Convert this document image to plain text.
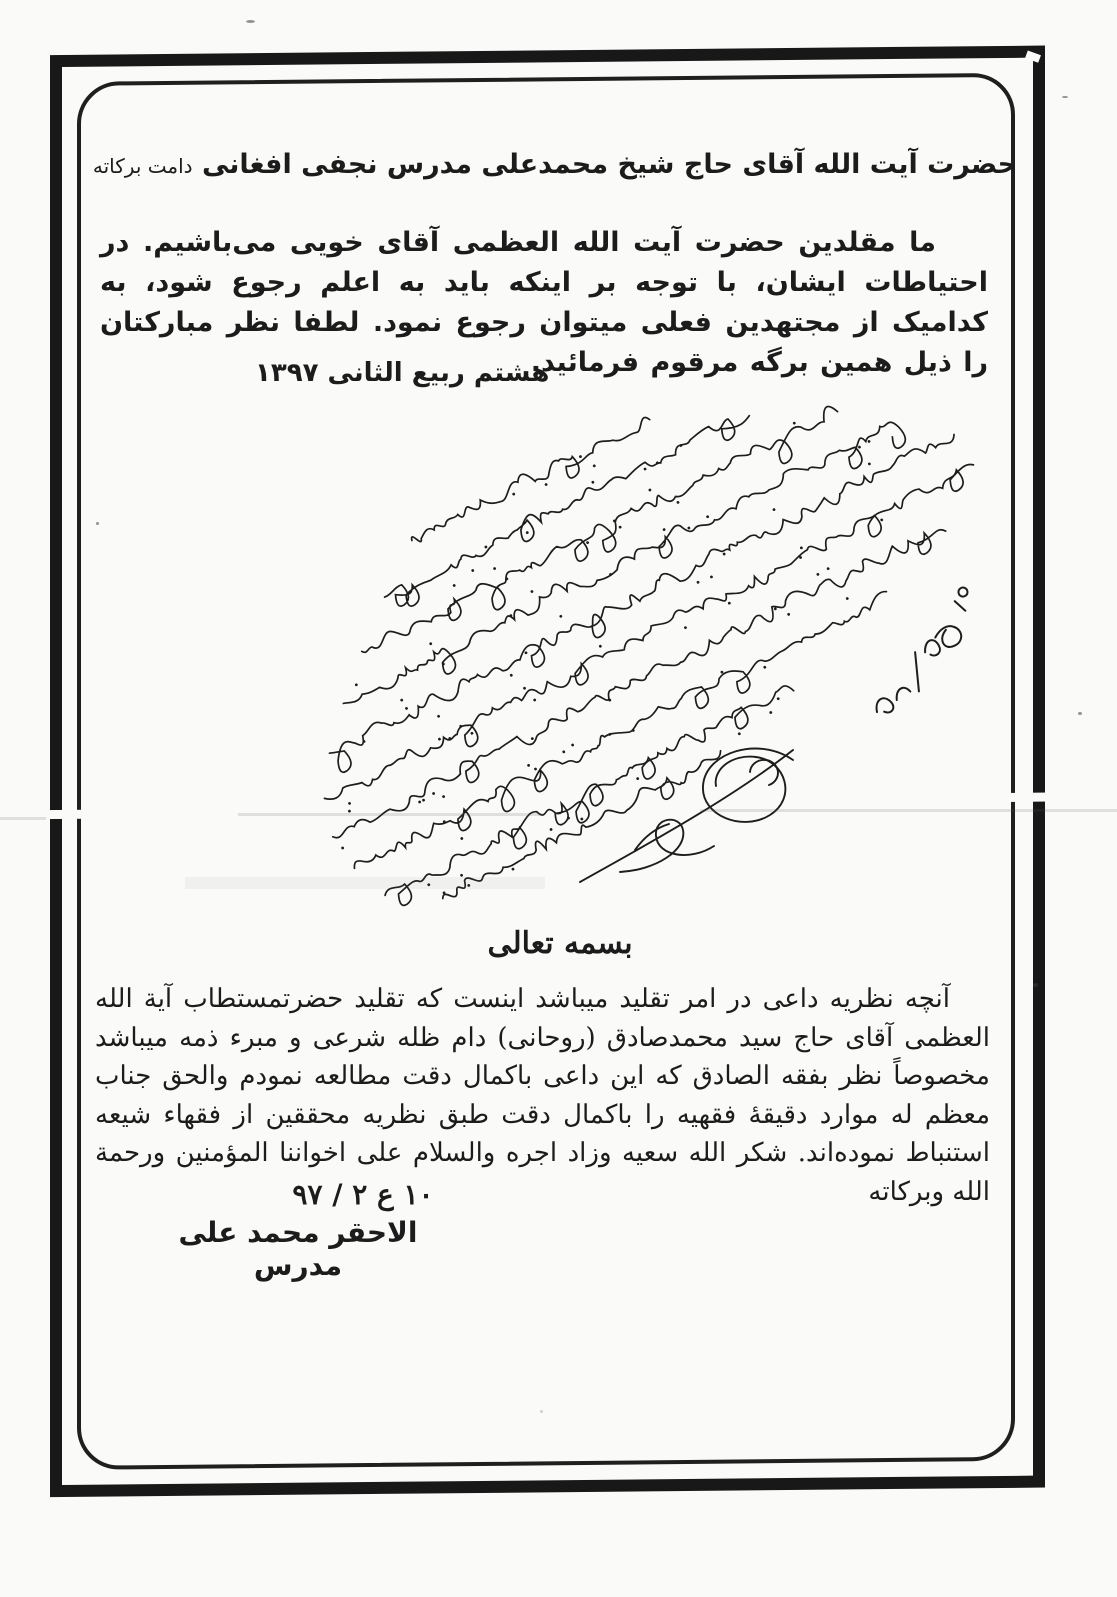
حضرت آیت الله آقای حاج شیخ محمدعلی مدرس نجفی افغانی دامت برکاته
ما مقلدین حضرت آیت الله العظمی آقای خویی می‌باشیم. در احتیاطات ایشان، با توجه بر اینکه باید به اعلم رجوع شود، به کدامیک از مجتهدین فعلی میتوان رجوع نمود. لطفا نظر مبارکتان را ذیل همین برگه مرقوم فرمائید.
هشتم ربیع الثانی ۱۳۹۷
بسمه تعالی
آنچه نظریه داعی در امر تقلید میباشد اینست که تقلید حضرتمستطاب آیة الله العظمی آقای حاج سید محمدصادق (روحانی) دام ظله شرعی و مبرء ذمه میباشد مخصوصاً نظر بفقه الصادق که این داعی باکمال دقت مطالعه نمودم والحق جناب معظم له موارد دقیقهٔ فقهیه را باکمال دقت طبق نظریه محققین از فقهاء شیعه استنباط نموده‌اند. شکر الله سعیه وزاد اجره والسلام علی اخواننا المؤمنین ورحمة الله وبرکاته
۱۰ ع ۲ / ۹۷
الاحقر محمد علی مدرس
